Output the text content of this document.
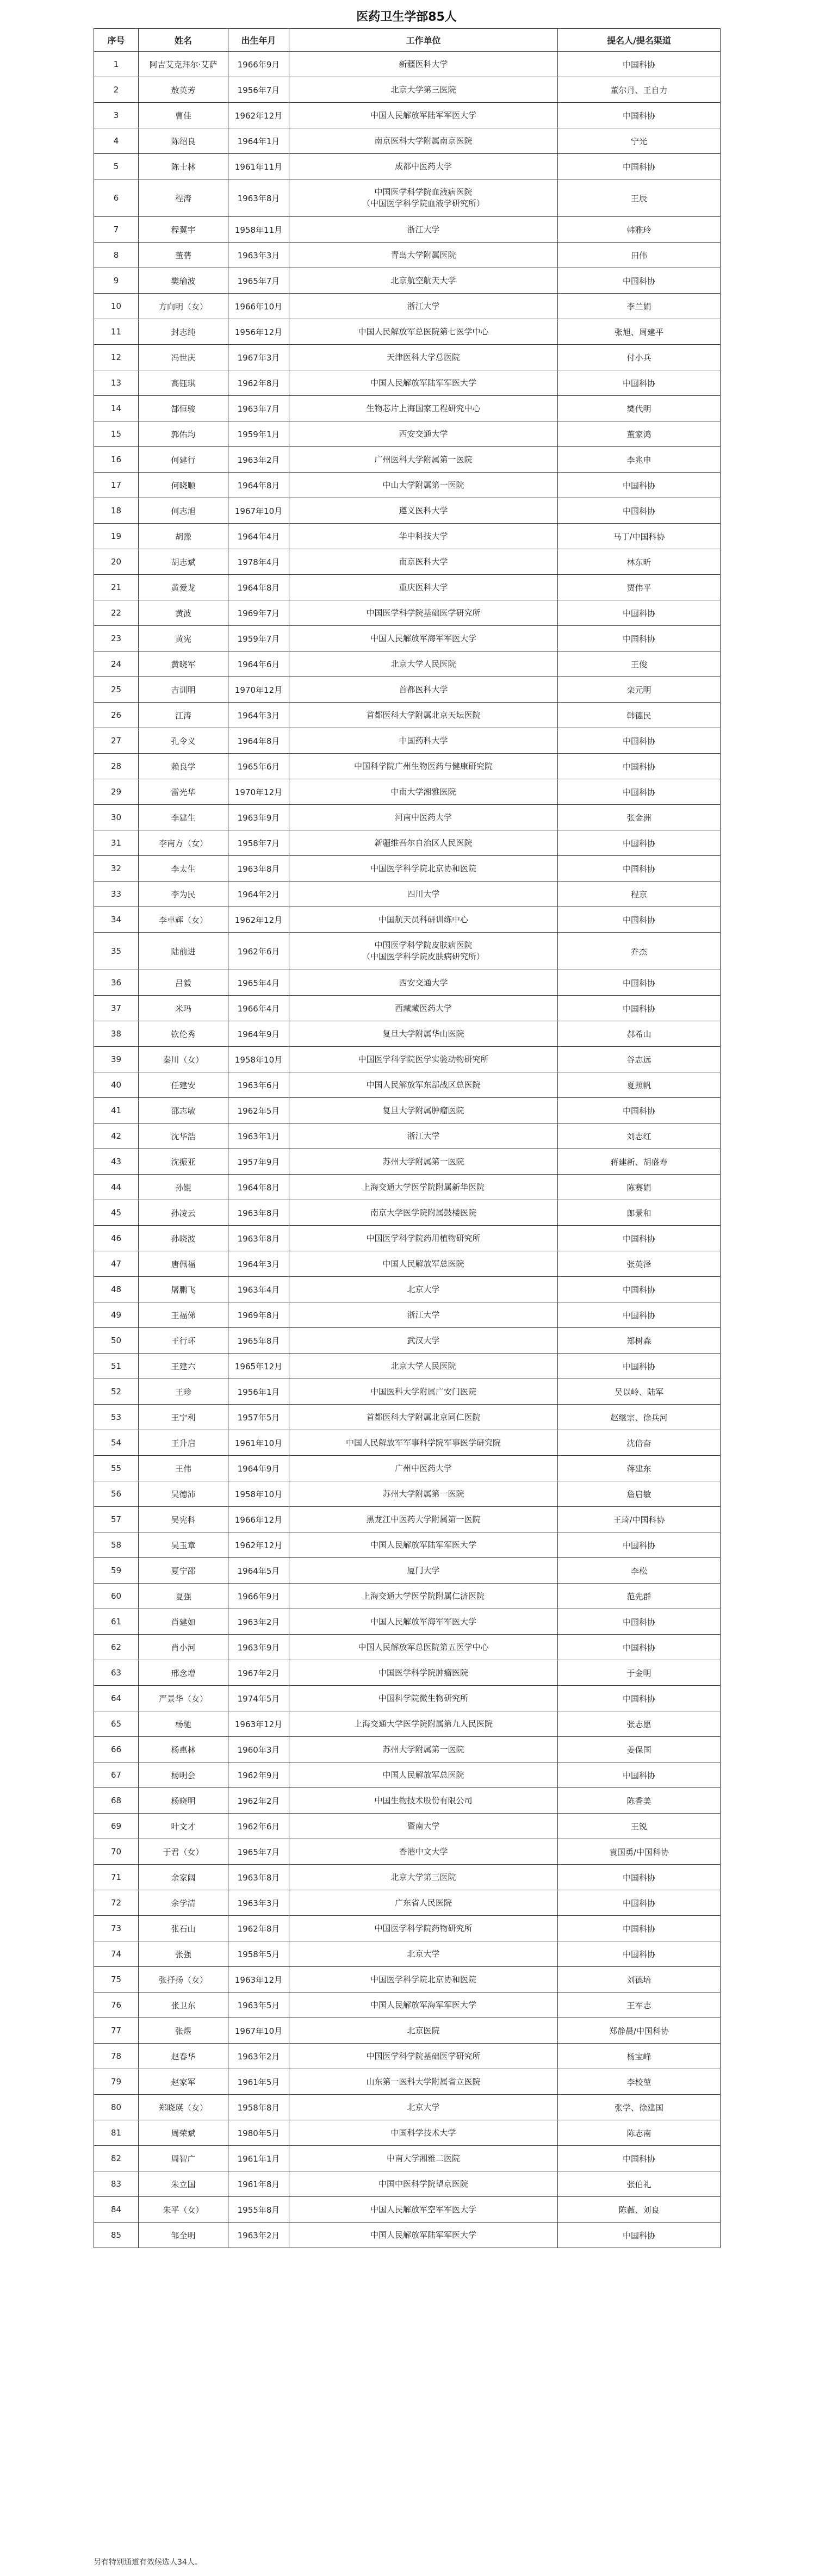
医药卫生学部85人
序号	姓名	出生年月	工作单位	提名人/提名渠道
1	阿吉艾克拜尔·艾萨	1966年9月	新疆医科大学	中国科协
2	敖英芳	1956年7月	北京大学第三医院	董尔丹、王自力
3	曹佳	1962年12月	中国人民解放军陆军军医大学	中国科协
4	陈绍良	1964年1月	南京医科大学附属南京医院	宁光
5	陈士林	1961年11月	成都中医药大学	中国科协
6	程涛	1963年8月	中国医学科学院血液病医院
（中国医学科学院血液学研究所）	王辰
7	程翼宇	1958年11月	浙江大学	韩雅玲
8	董蒨	1963年3月	青岛大学附属医院	田伟
9	樊瑜波	1965年7月	北京航空航天大学	中国科协
10	方向明（女）	1966年10月	浙江大学	李兰娟
11	封志纯	1956年12月	中国人民解放军总医院第七医学中心	张旭、周建平
12	冯世庆	1967年3月	天津医科大学总医院	付小兵
13	高钰琪	1962年8月	中国人民解放军陆军军医大学	中国科协
14	郜恒骏	1963年7月	生物芯片上海国家工程研究中心	樊代明
15	郭佑均	1959年1月	西安交通大学	董家鸿
16	何建行	1963年2月	广州医科大学附属第一医院	李兆申
17	何晓顺	1964年8月	中山大学附属第一医院	中国科协
18	何志旭	1967年10月	遵义医科大学	中国科协
19	胡豫	1964年4月	华中科技大学	马丁/中国科协
20	胡志斌	1978年4月	南京医科大学	林东昕
21	黄爱龙	1964年8月	重庆医科大学	贾伟平
22	黄波	1969年7月	中国医学科学院基础医学研究所	中国科协
23	黄宪	1959年7月	中国人民解放军海军军医大学	中国科协
24	黄晓军	1964年6月	北京大学人民医院	王俊
25	吉训明	1970年12月	首都医科大学	栾元明
26	江涛	1964年3月	首都医科大学附属北京天坛医院	韩德民
27	孔令义	1964年8月	中国药科大学	中国科协
28	赖良学	1965年6月	中国科学院广州生物医药与健康研究院	中国科协
29	雷光华	1970年12月	中南大学湘雅医院	中国科协
30	李建生	1963年9月	河南中医药大学	张金洲
31	李南方（女）	1958年7月	新疆维吾尔自治区人民医院	中国科协
32	李太生	1963年8月	中国医学科学院北京协和医院	中国科协
33	李为民	1964年2月	四川大学	程京
34	李卓辉（女）	1962年12月	中国航天员科研训练中心	中国科协
35	陆前进	1962年6月	中国医学科学院皮肤病医院
（中国医学科学院皮肤病研究所）	乔杰
36	吕毅	1965年4月	西安交通大学	中国科协
37	米玛	1966年4月	西藏藏医药大学	中国科协
38	钦伦秀	1964年9月	复旦大学附属华山医院	郝希山
39	秦川（女）	1958年10月	中国医学科学院医学实验动物研究所	谷志远
40	任建安	1963年6月	中国人民解放军东部战区总医院	夏照帆
41	邵志敏	1962年5月	复旦大学附属肿瘤医院	中国科协
42	沈华浩	1963年1月	浙江大学	刘志红
43	沈振亚	1957年9月	苏州大学附属第一医院	蒋建新、胡盛寿
44	孙锟	1964年8月	上海交通大学医学院附属新华医院	陈赛娟
45	孙凌云	1963年8月	南京大学医学院附属鼓楼医院	郎景和
46	孙晓波	1963年8月	中国医学科学院药用植物研究所	中国科协
47	唐佩福	1964年3月	中国人民解放军总医院	张英泽
48	屠鹏飞	1963年4月	北京大学	中国科协
49	王福俤	1969年8月	浙江大学	中国科协
50	王行环	1965年8月	武汉大学	郑树森
51	王建六	1965年12月	北京大学人民医院	中国科协
52	王珍	1956年1月	中国医科大学附属广安门医院	吴以岭、陆军
53	王宁利	1957年5月	首都医科大学附属北京同仁医院	赵继宗、徐兵河
54	王升启	1961年10月	中国人民解放军军事科学院军事医学研究院	沈倍奋
55	王伟	1964年9月	广州中医药大学	蒋建东
56	吴德沛	1958年10月	苏州大学附属第一医院	詹启敏
57	吴宪科	1966年12月	黑龙江中医药大学附属第一医院	王琦/中国科协
58	吴玉章	1962年12月	中国人民解放军陆军军医大学	中国科协
59	夏宁邵	1964年5月	厦门大学	李松
60	夏强	1966年9月	上海交通大学医学院附属仁济医院	范先群
61	肖建如	1963年2月	中国人民解放军海军军医大学	中国科协
62	肖小河	1963年9月	中国人民解放军总医院第五医学中心	中国科协
63	邢念增	1967年2月	中国医学科学院肿瘤医院	于金明
64	严景华（女）	1974年5月	中国科学院微生物研究所	中国科协
65	杨驰	1963年12月	上海交通大学医学院附属第九人民医院	张志愿
66	杨惠林	1960年3月	苏州大学附属第一医院	姜保国
67	杨明会	1962年9月	中国人民解放军总医院	中国科协
68	杨晓明	1962年2月	中国生物技术股份有限公司	陈香美
69	叶文才	1962年6月	暨南大学	王锐
70	于君（女）	1965年7月	香港中文大学	袁国勇/中国科协
71	余家阔	1963年8月	北京大学第三医院	中国科协
72	余学清	1963年3月	广东省人民医院	中国科协
73	张石山	1962年8月	中国医学科学院药物研究所	中国科协
74	张强	1958年5月	北京大学	中国科协
75	张抒扬（女）	1963年12月	中国医学科学院北京协和医院	刘德培
76	张卫东	1963年5月	中国人民解放军海军军医大学	王军志
77	张煜	1967年10月	北京医院	郑静晨/中国科协
78	赵春华	1963年2月	中国医学科学院基础医学研究所	杨宝峰
79	赵家军	1961年5月	山东第一医科大学附属省立医院	李校堃
80	郑晓瑛（女）	1958年8月	北京大学	张学、徐建国
81	周荣斌	1980年5月	中国科学技术大学	陈志南
82	周智广	1961年1月	中南大学湘雅二医院	中国科协
83	朱立国	1961年8月	中国中医科学院望京医院	张伯礼
84	朱平（女）	1955年8月	中国人民解放军空军军医大学	陈薇、刘良
85	邹全明	1963年2月	中国人民解放军陆军军医大学	中国科协
另有特别通道有效候选人34人。
